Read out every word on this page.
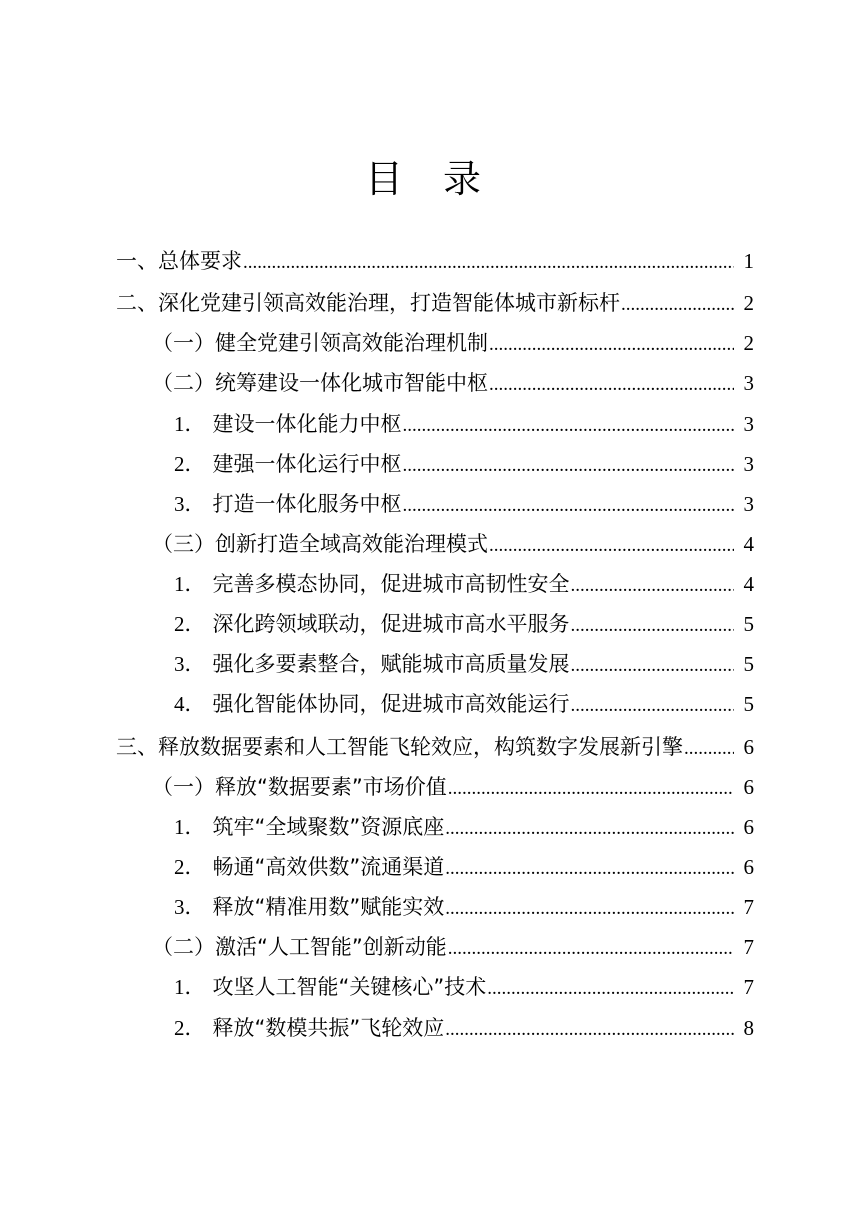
目 录
一、总体要求 .....	1
二、深化党建引领高效能治理，打造智能体城市新标杆 .....	2
（一）健全党建引领高效能治理机制 .....	2
（二）统筹建设一体化城市智能中枢 .....	3
1． 建设一体化能力中枢 .....	3
2． 建强一体化运行中枢 .....	3
3． 打造一体化服务中枢 .....	3
（三）创新打造全域高效能治理模式 .....	4
1． 完善多模态协同，促进城市高韧性安全 .....	4
2． 深化跨领域联动，促进城市高水平服务 .....	5
3． 强化多要素整合，赋能城市高质量发展 .....	5
4． 强化智能体协同，促进城市高效能运行 .....	5
三、释放数据要素和人工智能飞轮效应，构筑数字发展新引擎 .....	6
（一）释放“数据要素”市场价值 .....	6
1． 筑牢“全域聚数”资源底座 .....	6
2． 畅通“高效供数”流通渠道 .....	6
3． 释放“精准用数”赋能实效 .....	7
（二）激活“人工智能”创新动能 .....	7
1． 攻坚人工智能“关键核心”技术 .....	7
2． 释放“数模共振”飞轮效应 .....	8
